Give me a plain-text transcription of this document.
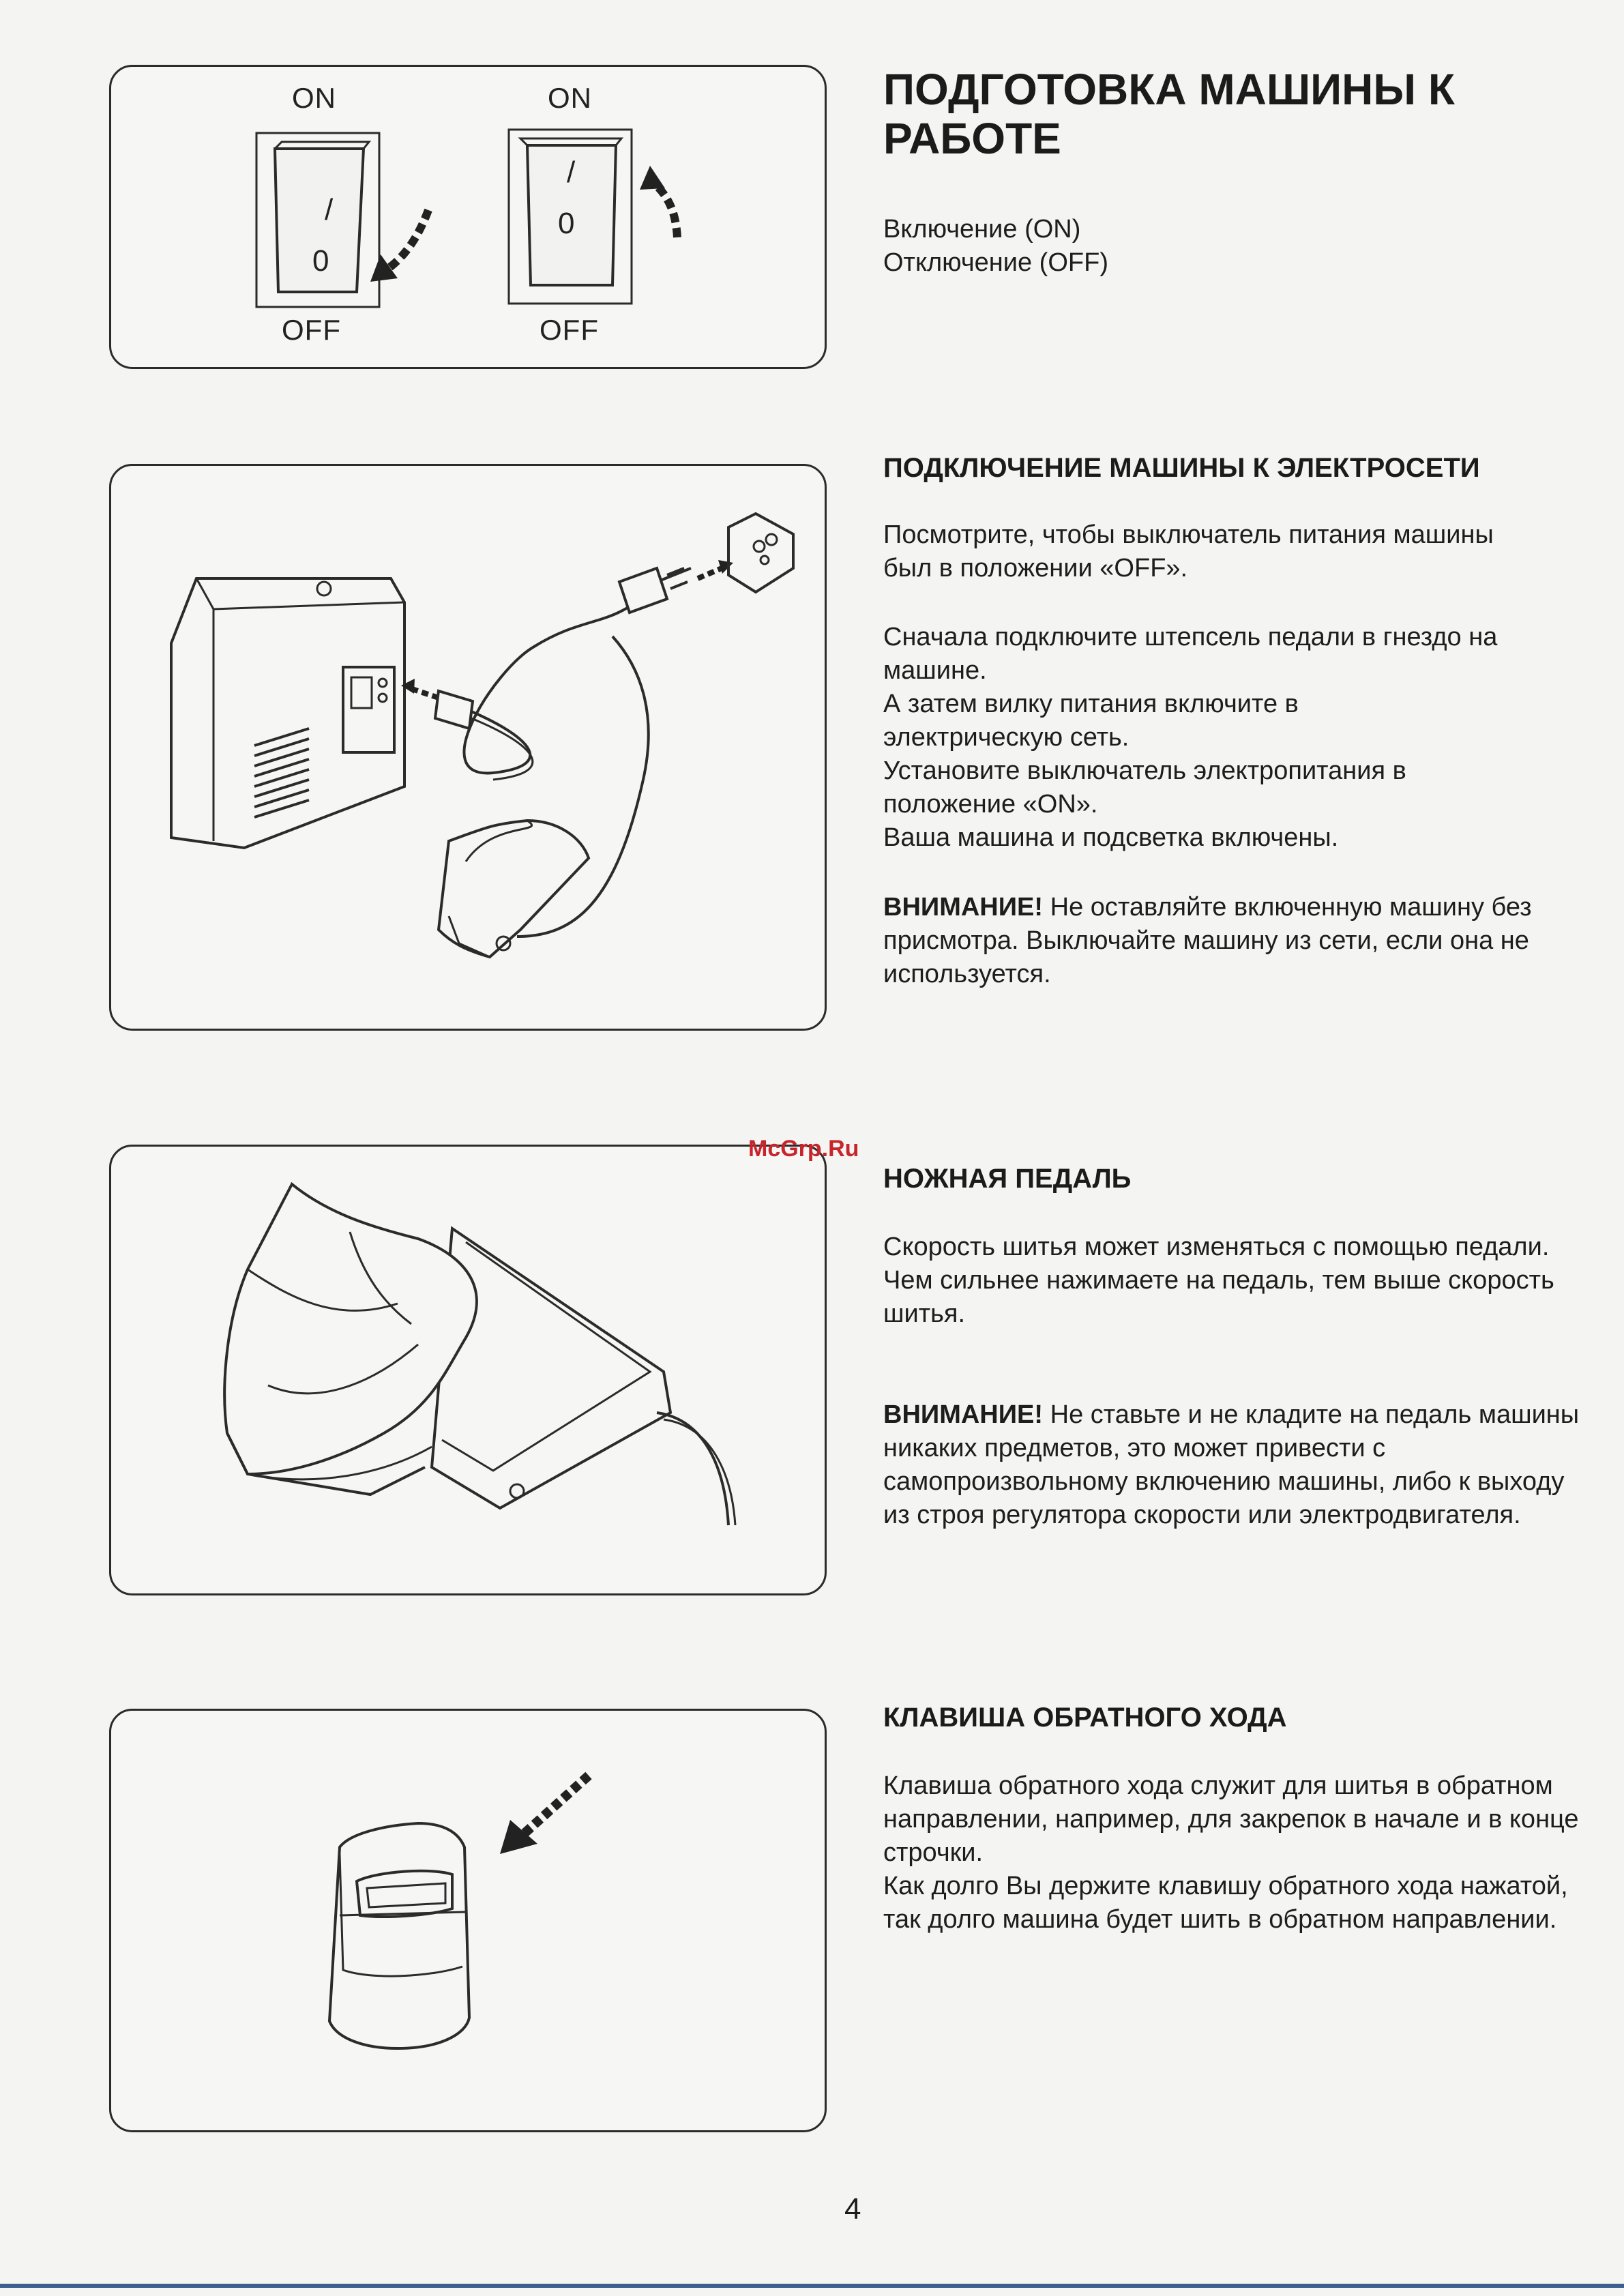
ON
OFF
ON
OFF
/
0
/
0

ПОДГОТОВКА МАШИНЫ К РАБОТЕ

Включение (ON)

Отключение (OFF)

ПОДКЛЮЧЕНИЕ МАШИНЫ К ЭЛЕКТРОСЕТИ

Посмотрите, чтобы выключатель питания машины был в положении «OFF».

Сначала подключите штепсель педали в гнездо на машине.

А затем вилку питания включите в электрическую сеть.

Установите выключатель электропитания в положение «ON».

Ваша машина и подсветка включены.

ВНИМАНИЕ! Не оставляйте включенную машину без присмотра. Выключайте машину из сети, если она не используется.

McGrp.Ru

НОЖНАЯ ПЕДАЛЬ

Скорость шитья может изменяться с помощью педали.

Чем сильнее нажимаете на педаль, тем выше скорость шитья.

ВНИМАНИЕ! Не ставьте и не кладите на педаль машины никаких предметов, это может привести с самопроизвольному включению машины, либо к выходу из строя регулятора скорости или электродвигателя.

КЛАВИША ОБРАТНОГО ХОДА

Клавиша обратного хода служит для шитья в обратном направлении, например, для закрепок в начале и в конце строчки.

Как долго Вы держите клавишу обратного хода нажатой, так долго машина будет шить в обратном направлении.

4
